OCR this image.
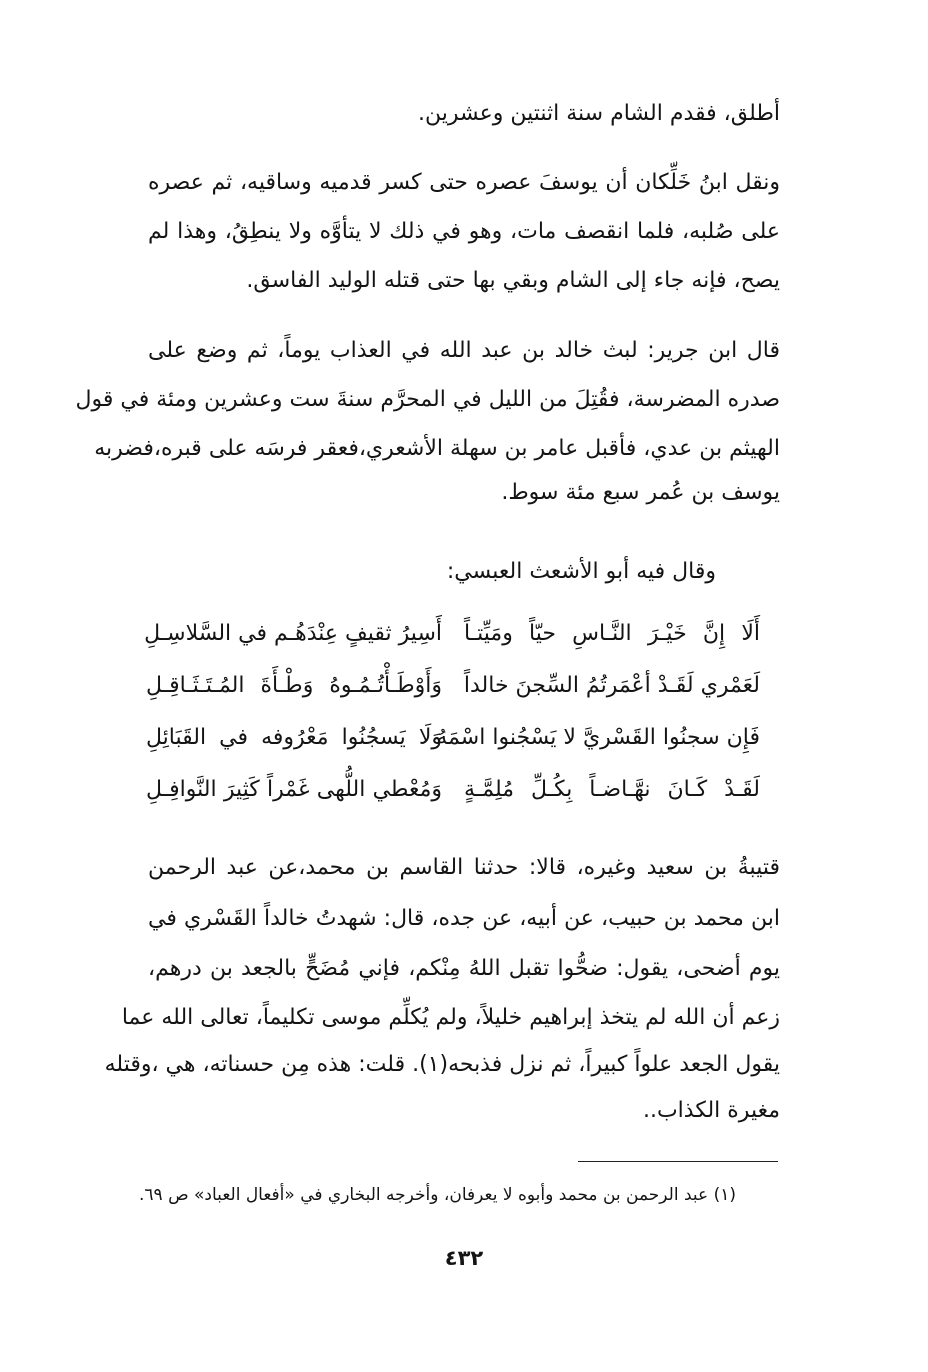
أطلق، فقدم الشام سنة اثنتين وعشرين.
ونقل ابنُ خَلِّكان أن يوسفَ عصره حتى كسر قدميه وساقيه، ثم عصره
على صُلبه، فلما انقصف مات، وهو في ذلك لا يتأوَّه ولا ينطِقُ، وهذا لم
يصح، فإنه جاء إلى الشام وبقي بها حتى قتله الوليد الفاسق.
قال ابن جرير: لبث خالد بن عبد الله في العذاب يوماً، ثم وضع على
صدره المضرسة، فقُتِلَ من الليل في المحرَّم سنةَ ست وعشرين ومئة في قول
الهيثم بن عدي، فأقبل عامر بن سهلة الأشعري،فعقر فرسَه على قبره،فضربه
يوسف بن عُمر سبع مئة سوط.
وقال فيه أبو الأشعث العبسي:
أَلَا إِنَّ خَيْـرَ النَّـاسِ حيّاً ومَيِّتـاً
أَسِيرُ ثقيفٍ عِنْدَهُـم في السَّلاسِـلِ
لَعَمْري لَقَـدْ أعْمَرتُمُ السِّجنَ خالداً
وَأَوْطَـأْتُـمُـوهُ وَطْـأَةَ المُـتَـثَـاقِـلِ
فَإِن سجنُوا القَسْريَّ لا يَسْجُنوا اسْمَهُ
وَلَا يَسجُنُوا مَعْرُوفه في القَبَائِلِ
لَقَـدْ كَـانَ نهَّـاضـاً بِكُـلِّ مُلِمَّـةٍ
وَمُعْطي اللُّهى غَمْراً كَثِيرَ النَّوافِـلِ
قتيبةُ بن سعيد وغيره، قالا: حدثنا القاسم بن محمد،عن عبد الرحمن
ابن محمد بن حبيب، عن أبيه، عن جده، قال: شهدتُ خالداً القَسْري في
يوم أضحى، يقول: ضحُّوا تقبل اللهُ مِنْكم، فإني مُضَحٍّ بالجعد بن درهم،
زعم أن الله لم يتخذ إبراهيم خليلاً، ولم يُكلِّم موسى تكليماً، تعالى الله عما
يقول الجعد علواً كبيراً، ثم نزل فذبحه(١). قلت: هذه مِن حسناته، هي ،وقتله
مغيرة الكذاب..
(١) عبد الرحمن بن محمد وأبوه لا يعرفان، وأخرجه البخاري في «أفعال العباد» ص ٦٩.
٤٣٢
